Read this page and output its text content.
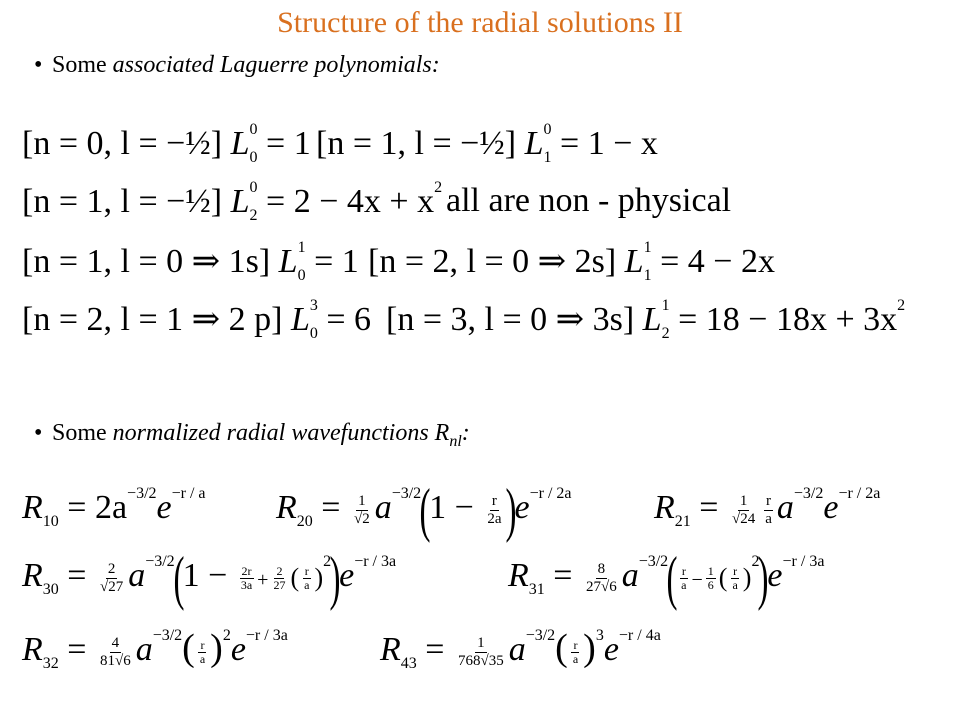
Structure of the radial solutions II
• Some associated Laguerre polynomials:
[n = 0, l = −½] $L_0^0 = 1$ [n = 1, l = −½] $L_1^0 = 1 - x$
[n = 1, l = −½] $L_2^0 = 2 - 4x + x^2$ all are non - physical
[n = 1, l = 0 ⇒ 1s] $L_0^1 = 1$ [n = 2, l = 0 ⇒ 2s] $L_1^1 = 4 - 2x$
[n = 2, l = 1 ⇒ 2 p] $L_0^3 = 6$ [n = 3, l = 0 ⇒ 3s] $L_2^1 = 18 - 18x + 3x^2$
• Some normalized radial wavefunctions $R_{nl}$:
$R_{10} = 2a^{-3/2}e^{-r / a}$ $R_{20} = \frac{1}{√2} a^{-3/2}(1 - \frac{r}{2a} )e^{-r / 2a}$ $R_{21} = \frac{1}{√24} \frac{r}{a} a^{-3/2}e^{-r / 2a}$
$R_{30} = \frac{2}{√27} a^{-3/2}(1 - \frac{2r}{3a} + \frac{2}{27}$ ( $\frac{r}{a} )^2)e^{-r / 3a}$	$R_{31} = \frac{8}{27√6} a^{-3/2}( \frac{r}{a} - \frac{1}{6}$ ( $\frac{r}{a} )^2)e^{-r / 3a}$
$R_{32} = \frac{4}{81√6} a^{-3/2}( \frac{r}{a} )^2e^{-r / 3a}$	$R_{43} = \frac{1}{768√35} a^{-3/2}( \frac{r}{a} )^3e^{-r / 4a}$
